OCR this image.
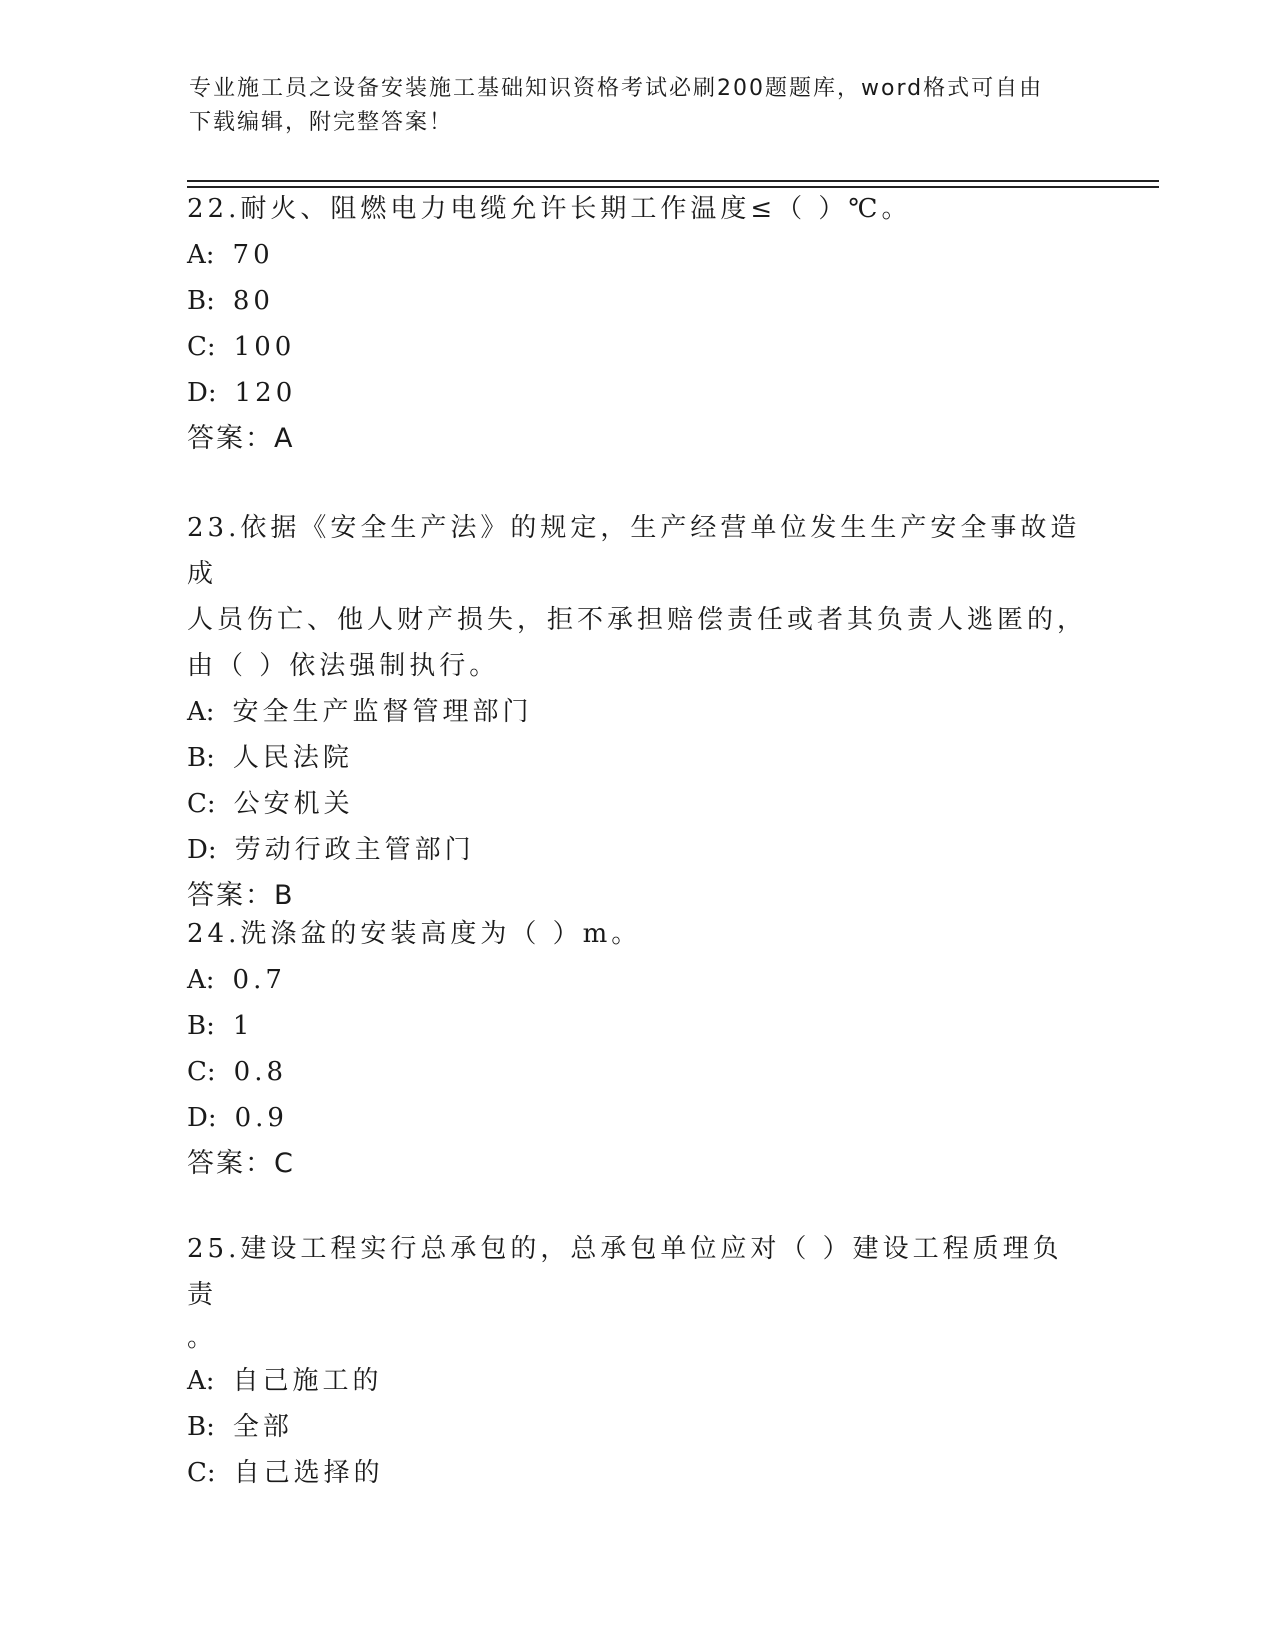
专业施工员之设备安装施工基础知识资格考试必刷200题题库，word格式可自由
下载编辑，附完整答案！

22.耐火、阻燃电力电缆允许长期工作温度≤（ ）℃。

A: 70

B: 80

C: 100

D: 120

答案：A

23.依据《安全生产法》的规定，生产经营单位发生生产安全事故造成

人员伤亡、他人财产损失，拒不承担赔偿责任或者其负责人逃匿的，

由（ ）依法强制执行。

A: 安全生产监督管理部门

B: 人民法院

C: 公安机关

D: 劳动行政主管部门

答案：B

24.洗涤盆的安装高度为（ ）m。

A: 0.7

B: 1

C: 0.8

D: 0.9

答案：C

25.建设工程实行总承包的，总承包单位应对（ ）建设工程质理负责

。

A: 自己施工的

B: 全部

C: 自己选择的
